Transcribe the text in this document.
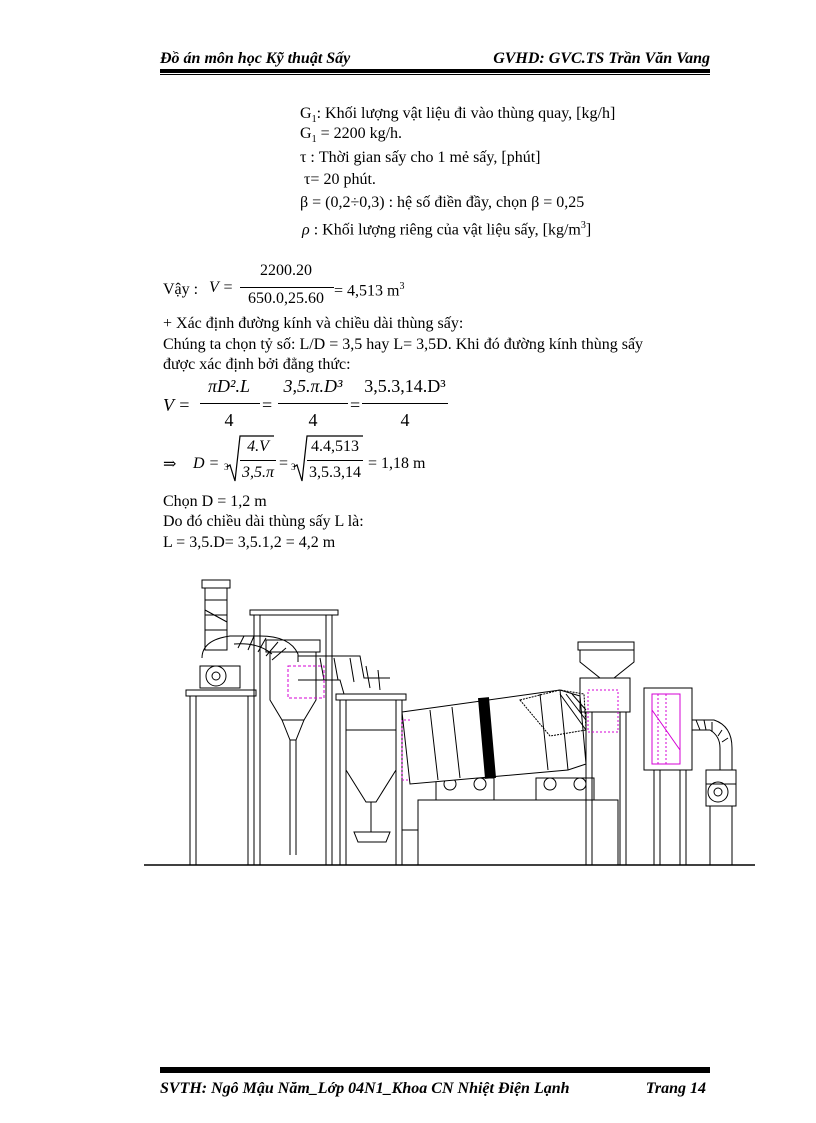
Đồ án môn học Kỹ thuật Sấy	GVHD: GVC.TS Trần Văn Vang
$G_1$: Khối lượng vật liệu đi vào thùng quay, [kg/h]
$G_1 = 2200$ kg/h.
τ : Thời gian sấy cho 1 mẻ sấy, [phút]
τ= 20 phút.
β = (0,2÷0,3) : hệ số điền đầy, chọn β = 0,25
ρ : Khối lượng riêng của vật liệu sấy, $[kg/m^3]$
Vậy : V =
2200.20
650.0,25.60 = 4,513 $m^3$
+ Xác định đường kính và chiều dài thùng sấy:
Chúng ta chọn tỷ số: L/D = 3,5 hay L= 3,5D. Khi đó đường kính thùng sấy
được xác định bởi đẳng thức:
V =
πD².L
4
=
3,5.π.D³
4
=
3,5.3,14.D³
4
⇒ D = 3
4.V
3,5.π
= 3
4.4,513
3,5.3,14
= 1,18 m
Chọn D = 1,2 m
Do đó chiều dài thùng sấy L là:
L = 3,5.D= 3,5.1,2 = 4,2 m
SVTH: Ngô Mậu Năm_Lớp 04N1_Khoa CN Nhiệt Điện Lạnh	Trang 14
